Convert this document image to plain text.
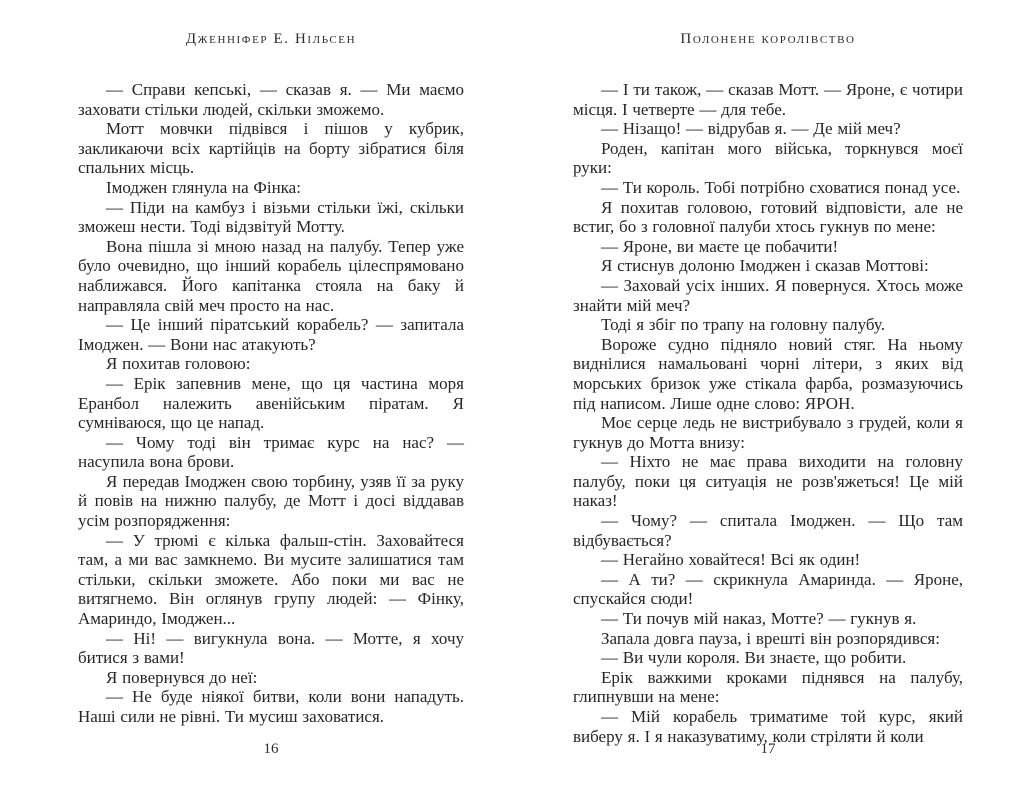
Дженніфер Е. Нільсен

— Справи кепські, — сказав я. — Ми маємо заховати стільки людей, скільки зможемо.

Мотт мовчки підвівся і пішов у кубрик, закликаючи всіх картійців на борту зібратися біля спальних місць.

Імоджен глянула на Фінка:

— Піди на камбуз і візьми стільки їжі, скільки зможеш нести. Тоді відзвітуй Мотту.

Вона пішла зі мною назад на палубу. Тепер уже було очевидно, що інший корабель цілеспрямовано наближався. Його капітанка стояла на баку й направляла свій меч просто на нас.

— Це інший піратський корабель? — запитала Імоджен. — Вони нас атакують?

Я похитав головою:

— Ерік запевнив мене, що ця частина моря Еранбол належить авенійським піратам. Я сумніваюся, що це напад.

— Чому тоді він тримає курс на нас? — насупила вона брови.

Я передав Імоджен свою торбину, узяв її за руку й повів на нижню палубу, де Мотт і досі віддавав усім розпорядження:

— У трюмі є кілька фальш-стін. Заховайтеся там, а ми вас замкнемо. Ви мусите залишатися там стільки, скільки зможете. Або поки ми вас не витягнемо. Він оглянув групу людей: — Фінку, Амариндо, Імоджен...

— Ні! — вигукнула вона. — Мотте, я хочу битися з вами!

Я повернувся до неї:

— Не буде ніякої битви, коли вони нападуть. Наші сили не рівні. Ти мусиш заховатися.

16
Полонене королівство

— І ти також, — сказав Мотт. — Яроне, є чотири місця. І четверте — для тебе.

— Нізащо! — відрубав я. — Де мій меч?

Роден, капітан мого війська, торкнувся моєї руки:

— Ти король. Тобі потрібно сховатися понад усе.

Я похитав головою, готовий відповісти, але не встиг, бо з головної палуби хтось гукнув по мене:

— Яроне, ви маєте це побачити!

Я стиснув долоню Імоджен і сказав Моттові:

— Заховай усіх інших. Я повернуся. Хтось може знайти мій меч?

Тоді я збіг по трапу на головну палубу.

Вороже судно підняло новий стяг. На ньому виднілися намальовані чорні літери, з яких від морських бризок уже стікала фарба, розмазуючись під написом. Лише одне слово: ЯРОН.

Моє серце ледь не вистрибувало з грудей, коли я гукнув до Мотта внизу:

— Ніхто не має права виходити на головну палубу, поки ця ситуація не розв'яжеться! Це мій наказ!

— Чому? — спитала Імоджен. — Що там відбувається?

— Негайно ховайтеся! Всі як один!

— А ти? — скрикнула Амаринда. — Яроне, спускайся сюди!

— Ти почув мій наказ, Мотте? — гукнув я.

Запала довга пауза, і врешті він розпорядився:

— Ви чули короля. Ви знаєте, що робити.

Ерік важкими кроками піднявся на палубу, глипнувши на мене:

— Мій корабель триматиме той курс, який виберу я. І я наказуватиму, коли стріляти й коли

17
